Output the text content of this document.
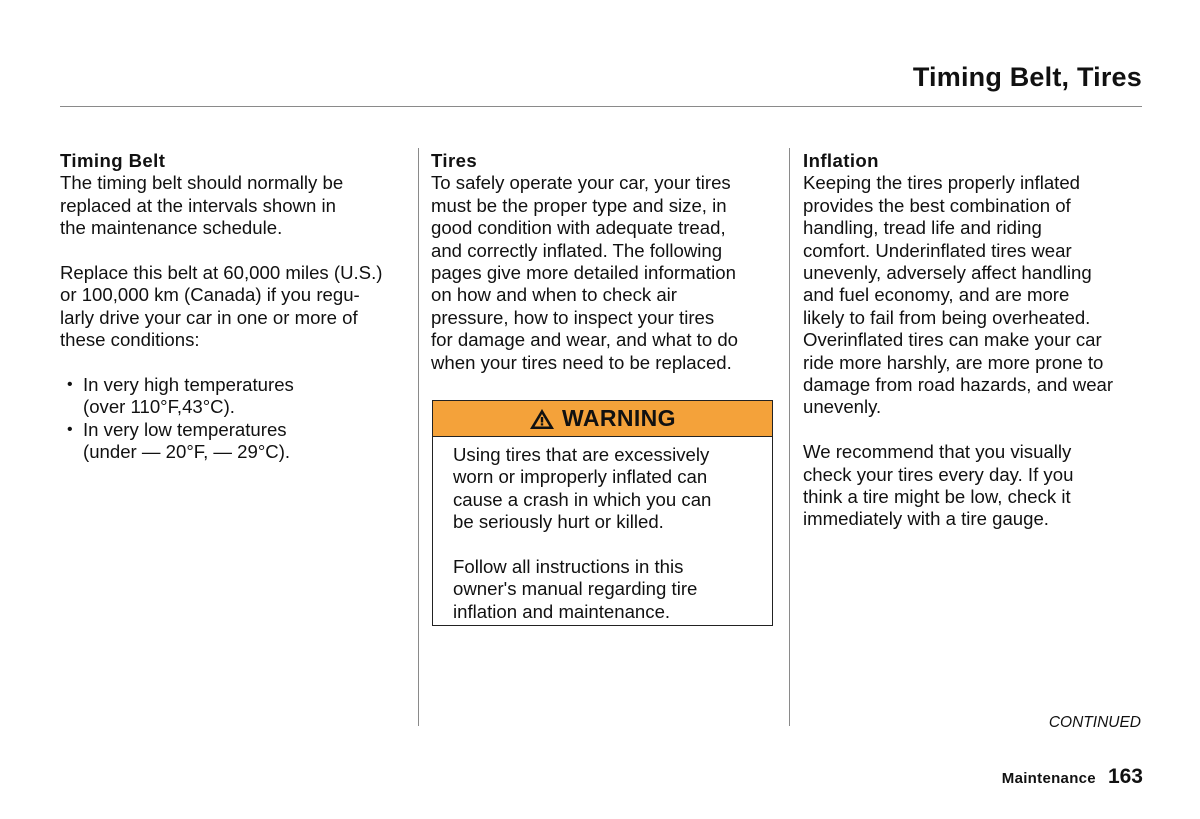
Timing Belt, Tires
Timing Belt
The timing belt should normally be
replaced at the intervals shown in
the maintenance schedule.
Replace this belt at 60,000 miles (U.S.)
or 100,000 km (Canada) if you regu-
larly drive your car in one or more of
these conditions:
• In very high temperatures
(over 110°F,43°C).
• In very low temperatures
(under — 20°F, — 29°C).
Tires
To safely operate your car, your tires
must be the proper type and size, in
good condition with adequate tread,
and correctly inflated. The following
pages give more detailed information
on how and when to check air
pressure, how to inspect your tires
for damage and wear, and what to do
when your tires need to be replaced.
WARNING
Using tires that are excessively
worn or improperly inflated can
cause a crash in which you can
be seriously hurt or killed.
Follow all instructions in this
owner's manual regarding tire
inflation and maintenance.
Inflation
Keeping the tires properly inflated
provides the best combination of
handling, tread life and riding
comfort. Underinflated tires wear
unevenly, adversely affect handling
and fuel economy, and are more
likely to fail from being overheated.
Overinflated tires can make your car
ride more harshly, are more prone to
damage from road hazards, and wear
unevenly.
We recommend that you visually
check your tires every day. If you
think a tire might be low, check it
immediately with a tire gauge.
CONTINUED
Maintenance 163
